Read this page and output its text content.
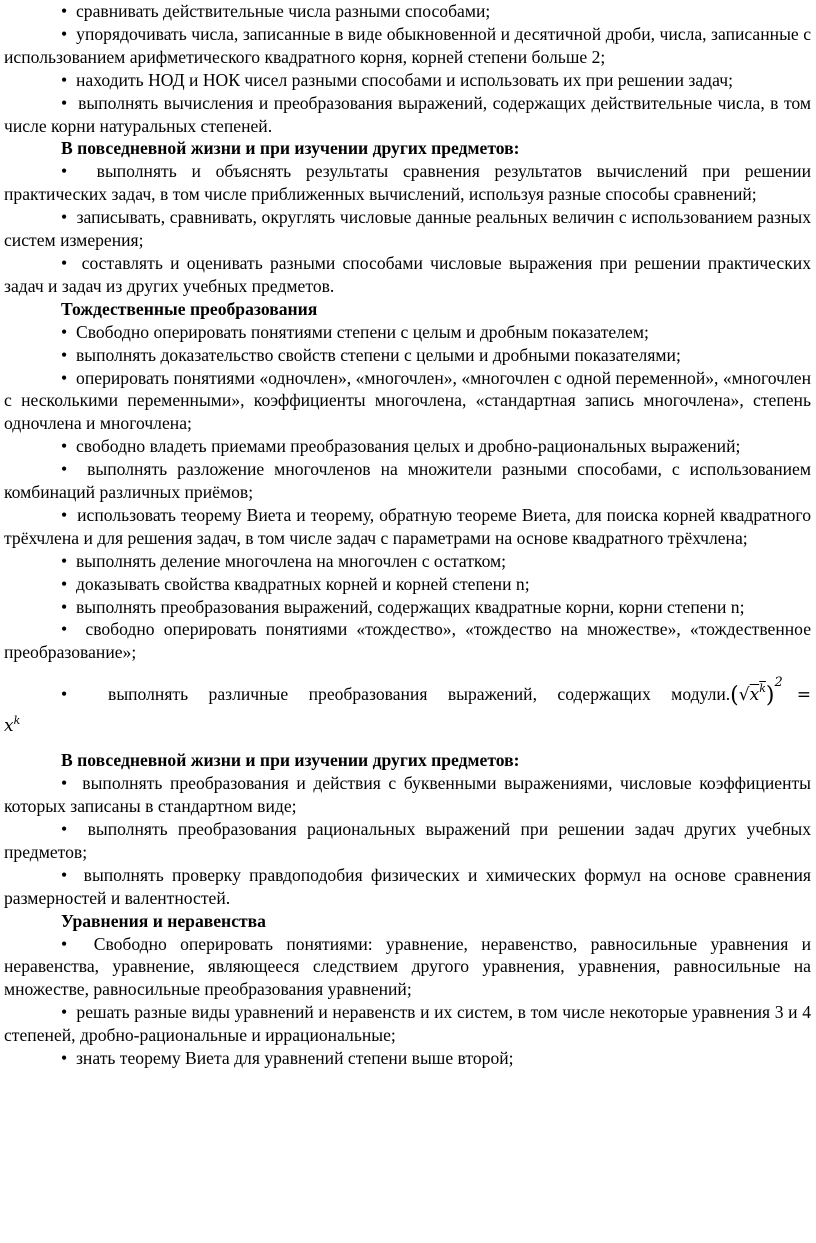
• сравнивать действительные числа разными способами;

• упорядочивать числа, записанные в виде обыкновенной и десятичной дроби, числа, записанные с использованием арифметического квадратного корня, корней степени больше 2;

• находить НОД и НОК чисел разными способами и использовать их при решении задач;

• выполнять вычисления и преобразования выражений, содержащих действительные числа, в том числе корни натуральных степеней.

В повседневной жизни и при изучении других предметов:

• выполнять и объяснять результаты сравнения результатов вычислений при решении практических задач, в том числе приближенных вычислений, используя разные способы сравнений;

• записывать, сравнивать, округлять числовые данные реальных величин с использованием разных систем измерения;

• составлять и оценивать разными способами числовые выражения при решении практических задач и задач из других учебных предметов.

Тождественные преобразования

• Свободно оперировать понятиями степени с целым и дробным показателем;

• выполнять доказательство свойств степени с целыми и дробными показателями;

• оперировать понятиями «одночлен», «многочлен», «многочлен с одной переменной», «многочлен с несколькими переменными», коэффициенты многочлена, «стандартная запись многочлена», степень одночлена и многочлена;

• свободно владеть приемами преобразования целых и дробно-рациональных выражений;

• выполнять разложение многочленов на множители разными способами, с использованием комбинаций различных приёмов;

• использовать теорему Виета и теорему, обратную теореме Виета, для поиска корней квадратного трёхчлена и для решения задач, в том числе задач с параметрами на основе квадратного трёхчлена;

• выполнять деление многочлена на многочлен с остатком;

• доказывать свойства квадратных корней и корней степени n;

• выполнять преобразования выражений, содержащих квадратные корни, корни степени n;

• свободно оперировать понятиями «тождество», «тождество на множестве», «тождественное преобразование»;

• выполнять различные преобразования выражений, содержащих $модули.(√x^k)^2=$

$x^k$

В повседневной жизни и при изучении других предметов:

• выполнять преобразования и действия с буквенными выражениями, числовые коэффициенты которых записаны в стандартном виде;

• выполнять преобразования рациональных выражений при решении задач других учебных предметов;

• выполнять проверку правдоподобия физических и химических формул на основе сравнения размерностей и валентностей.

Уравнения и неравенства

• Свободно оперировать понятиями: уравнение, неравенство, равносильные уравнения и неравенства, уравнение, являющееся следствием другого уравнения, уравнения, равносильные на множестве, равносильные преобразования уравнений;

• решать разные виды уравнений и неравенств и их систем, в том числе некоторые уравнения 3 и 4 степеней, дробно-рациональные и иррациональные;

• знать теорему Виета для уравнений степени выше второй;
